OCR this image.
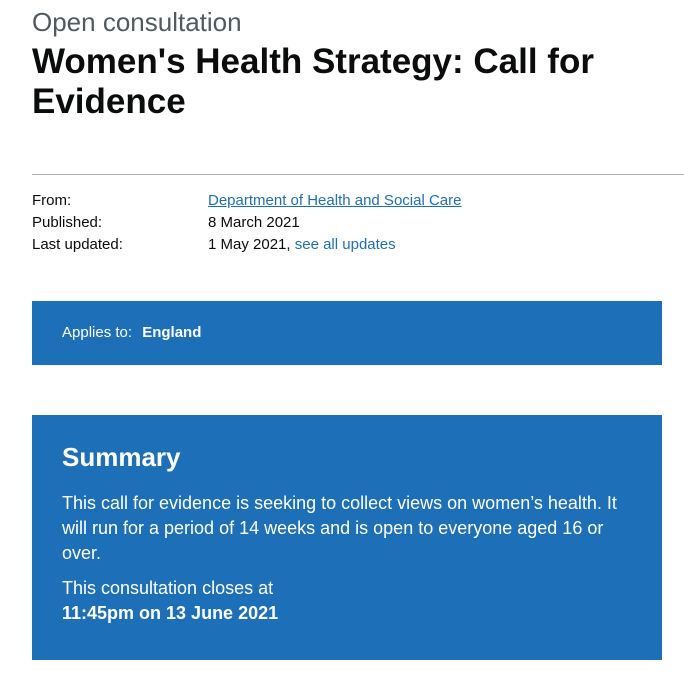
Open consultation

Women's Health Strategy: Call for Evidence
From:	Department of Health and Social Care
Published:	8 March 2021
Last updated:	1 May 2021, see all updates
Applies to: England
Summary

This call for evidence is seeking to collect views on women’s health. It will run for a period of 14 weeks and is open to everyone aged 16 or over.

This consultation closes at
11:45pm on 13 June 2021
